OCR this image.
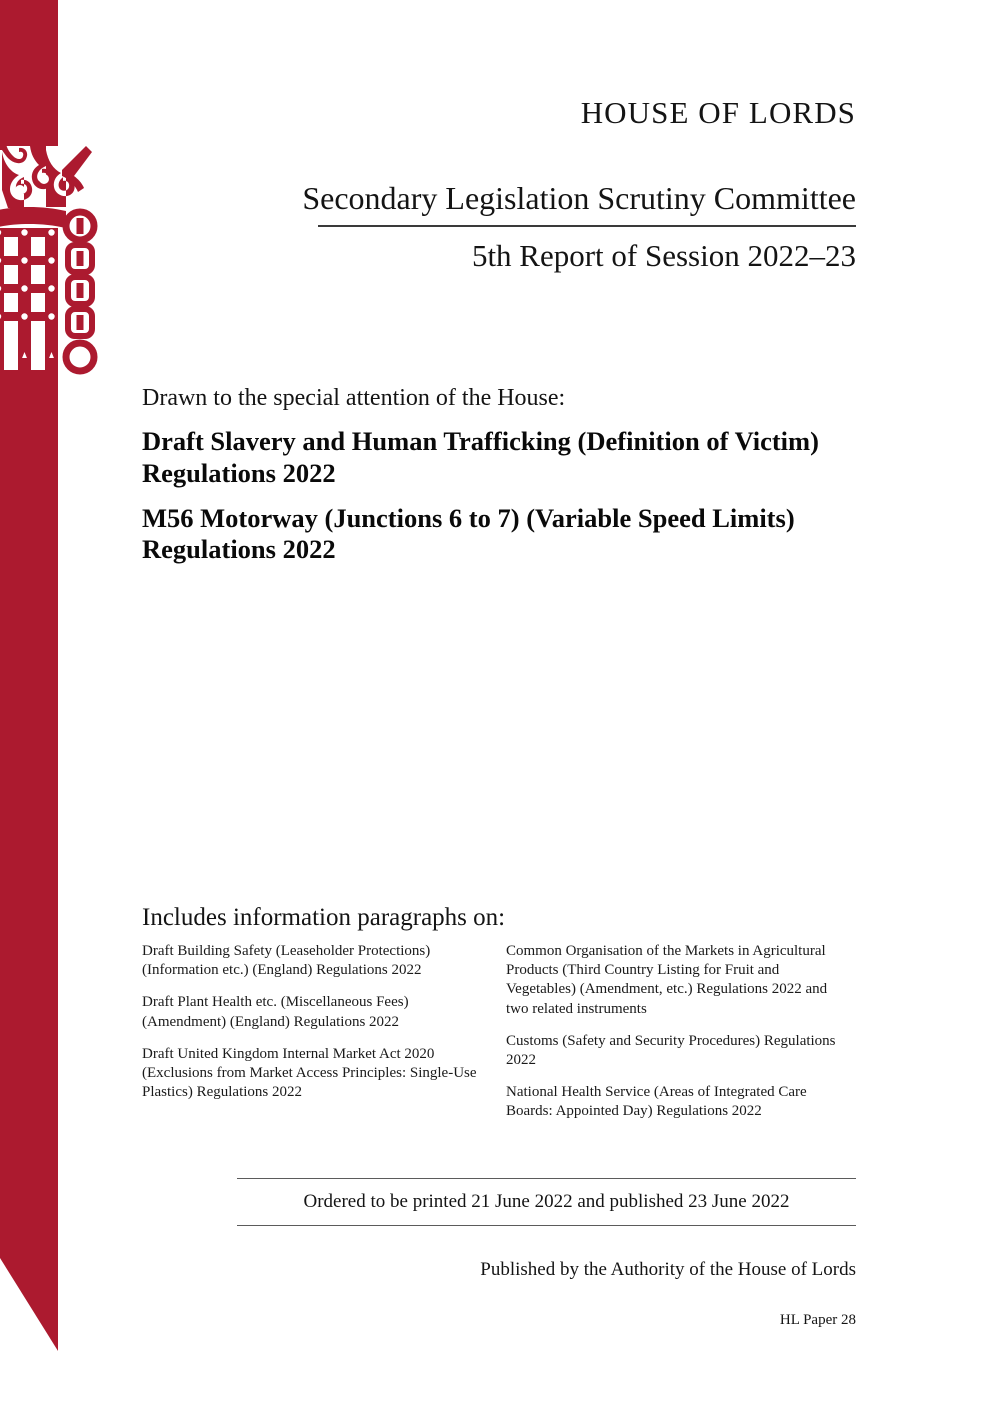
HOUSE OF LORDS
Secondary Legislation Scrutiny Committee
5th Report of Session 2022–23
Drawn to the special attention of the House:
Draft Slavery and Human Trafficking (Definition of Victim) Regulations 2022
M56 Motorway (Junctions 6 to 7) (Variable Speed Limits) Regulations 2022
Includes information paragraphs on:
Draft Building Safety (Leaseholder Protections) (Information etc.) (England) Regulations 2022
Draft Plant Health etc. (Miscellaneous Fees) (Amendment) (England) Regulations 2022
Draft United Kingdom Internal Market Act 2020 (Exclusions from Market Access Principles: Single-Use Plastics) Regulations 2022
Common Organisation of the Markets in Agricultural Products (Third Country Listing for Fruit and Vegetables) (Amendment, etc.) Regulations 2022 and two related instruments
Customs (Safety and Security Procedures) Regulations 2022
National Health Service (Areas of Integrated Care Boards: Appointed Day) Regulations 2022
Ordered to be printed 21 June 2022 and published 23 June 2022
Published by the Authority of the House of Lords
HL Paper 28
